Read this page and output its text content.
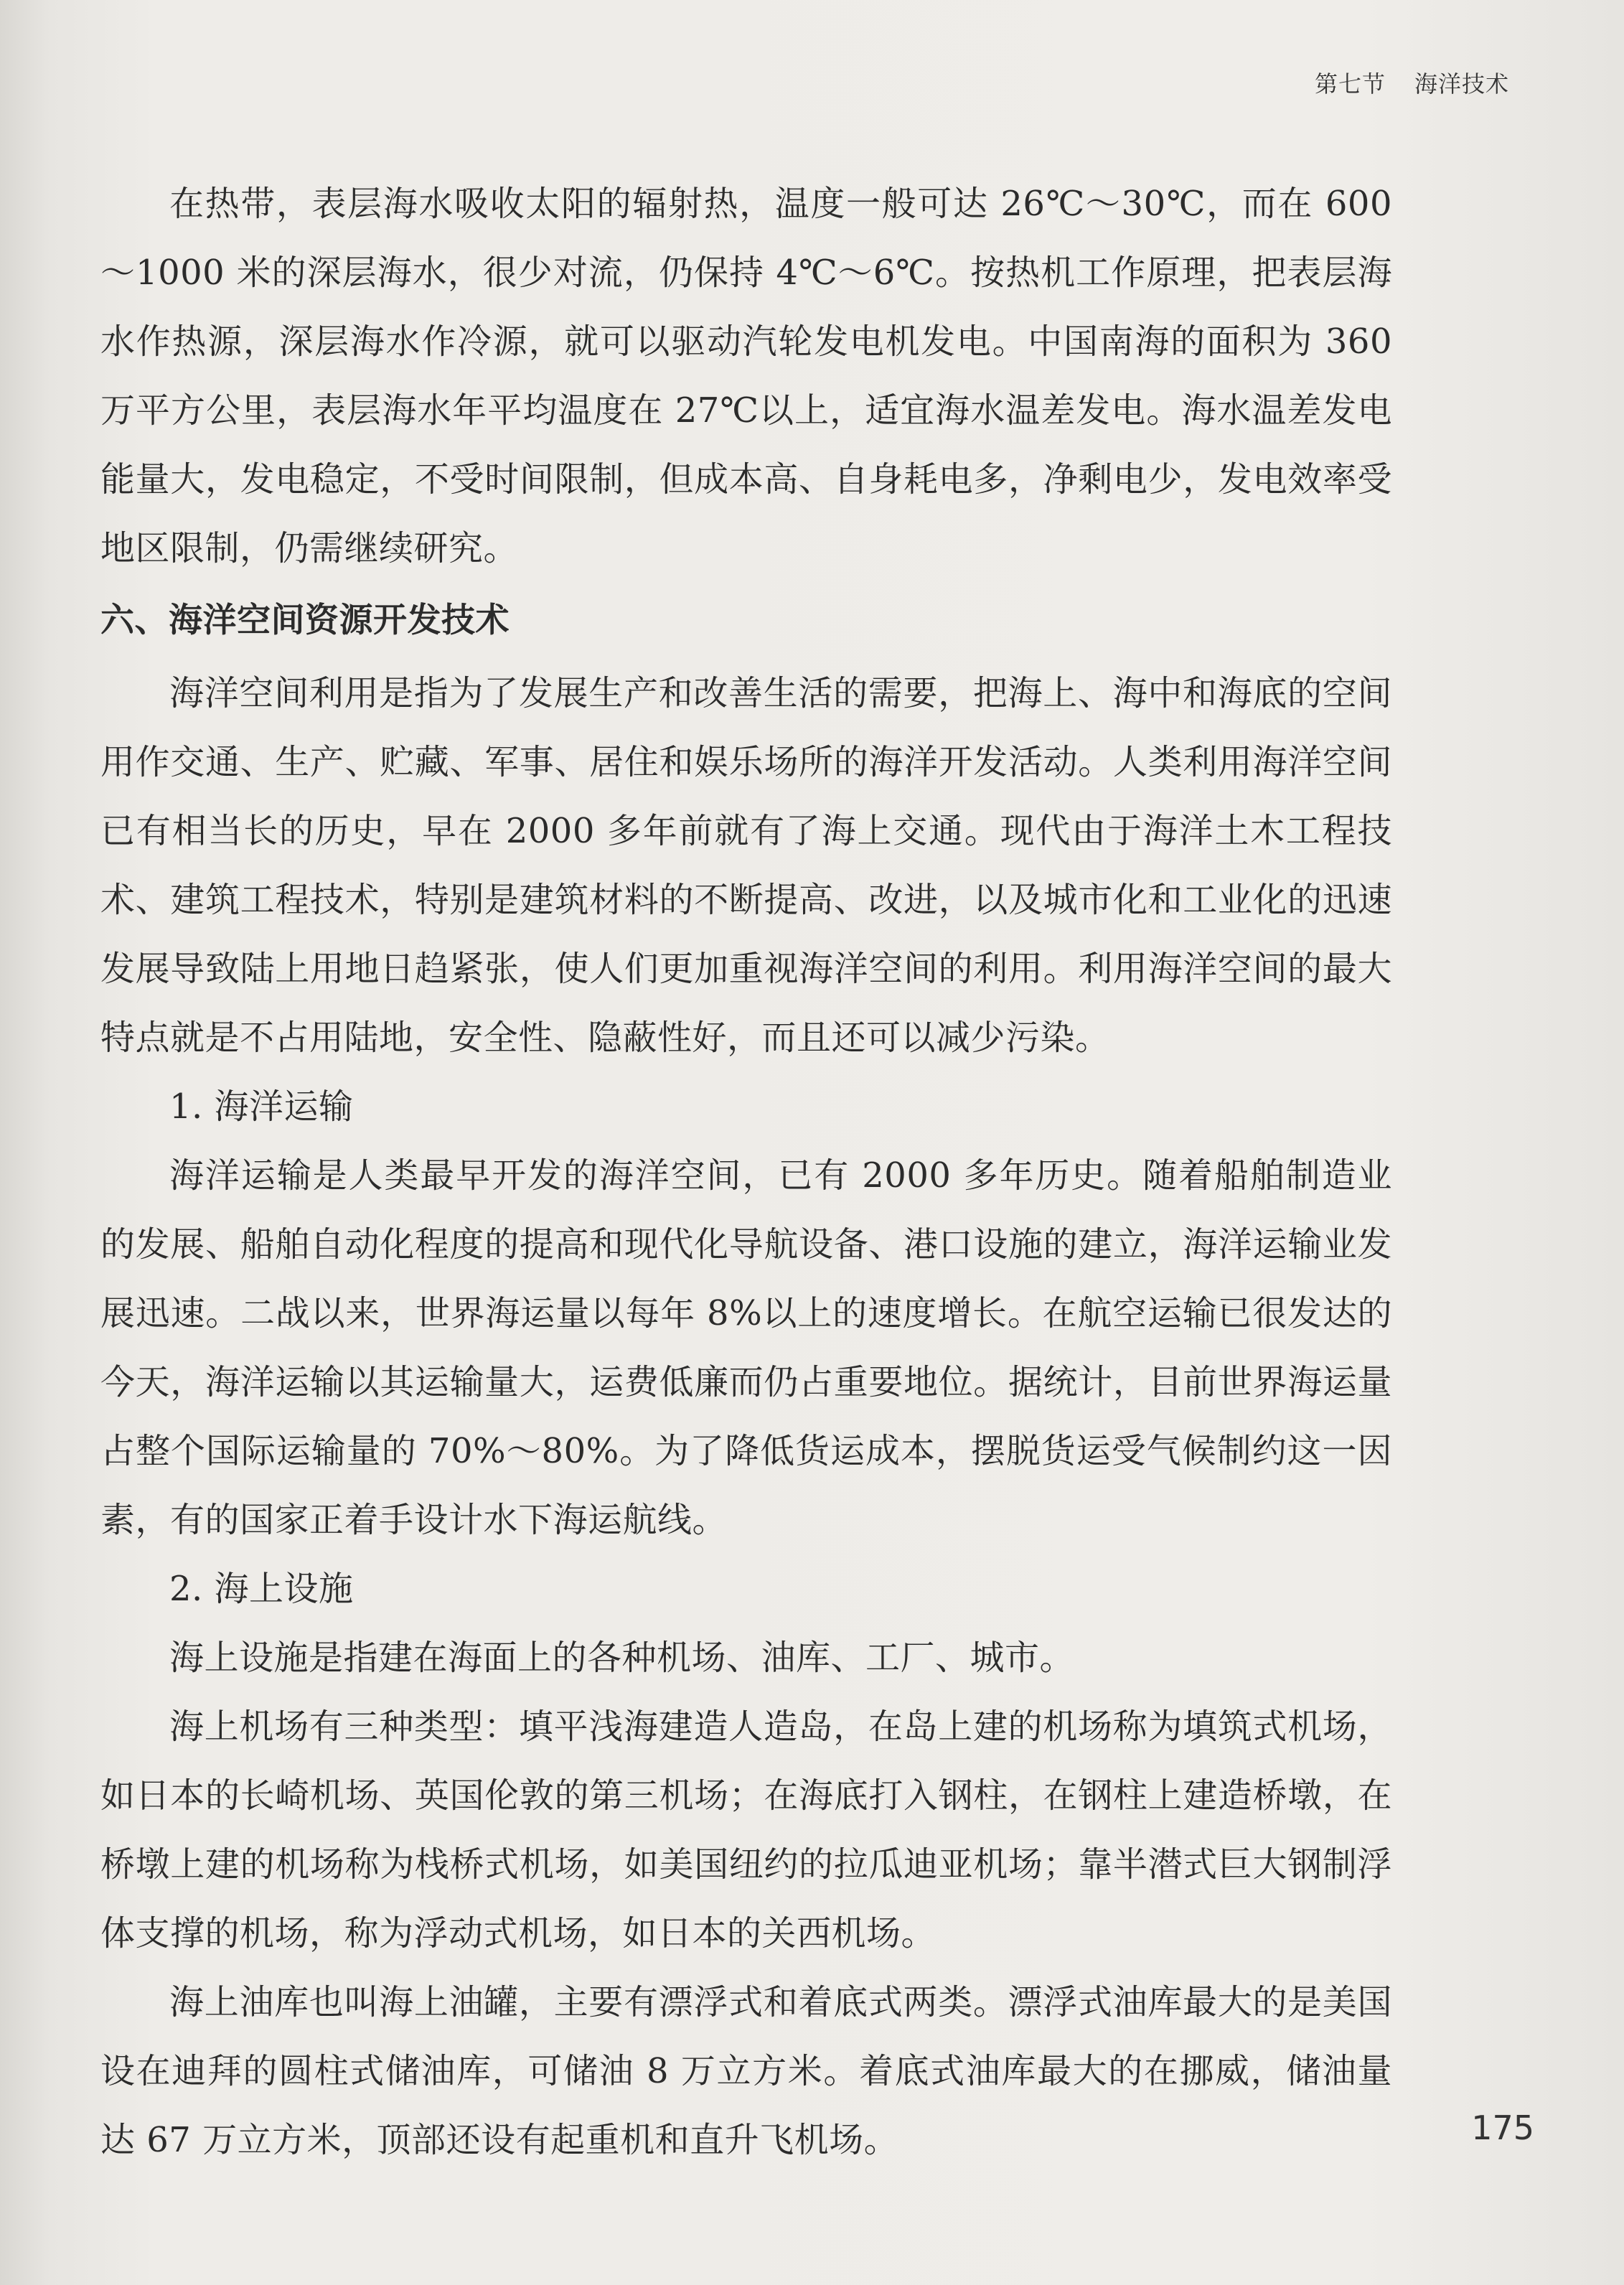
第七节 海洋技术

在热带，表层海水吸收太阳的辐射热，温度一般可达 26℃～30℃，而在 600～1000 米的深层海水，很少对流，仍保持 4℃～6℃。按热机工作原理，把表层海水作热源，深层海水作冷源，就可以驱动汽轮发电机发电。中国南海的面积为 360 万平方公里，表层海水年平均温度在 27℃以上，适宜海水温差发电。海水温差发电能量大，发电稳定，不受时间限制，但成本高、自身耗电多，净剩电少，发电效率受地区限制，仍需继续研究。

六、海洋空间资源开发技术

海洋空间利用是指为了发展生产和改善生活的需要，把海上、海中和海底的空间用作交通、生产、贮藏、军事、居住和娱乐场所的海洋开发活动。人类利用海洋空间已有相当长的历史，早在 2000 多年前就有了海上交通。现代由于海洋土木工程技术、建筑工程技术，特别是建筑材料的不断提高、改进，以及城市化和工业化的迅速发展导致陆上用地日趋紧张，使人们更加重视海洋空间的利用。利用海洋空间的最大特点就是不占用陆地，安全性、隐蔽性好，而且还可以减少污染。

1. 海洋运输

海洋运输是人类最早开发的海洋空间，已有 2000 多年历史。随着船舶制造业的发展、船舶自动化程度的提高和现代化导航设备、港口设施的建立，海洋运输业发展迅速。二战以来，世界海运量以每年 8%以上的速度增长。在航空运输已很发达的今天，海洋运输以其运输量大，运费低廉而仍占重要地位。据统计，目前世界海运量占整个国际运输量的 70%～80%。为了降低货运成本，摆脱货运受气候制约这一因素，有的国家正着手设计水下海运航线。

2. 海上设施

海上设施是指建在海面上的各种机场、油库、工厂、城市。

海上机场有三种类型：填平浅海建造人造岛，在岛上建的机场称为填筑式机场，如日本的长崎机场、英国伦敦的第三机场；在海底打入钢柱，在钢柱上建造桥墩，在桥墩上建的机场称为栈桥式机场，如美国纽约的拉瓜迪亚机场；靠半潜式巨大钢制浮体支撑的机场，称为浮动式机场，如日本的关西机场。

海上油库也叫海上油罐，主要有漂浮式和着底式两类。漂浮式油库最大的是美国设在迪拜的圆柱式储油库，可储油 8 万立方米。着底式油库最大的在挪威，储油量达 67 万立方米，顶部还设有起重机和直升飞机场。	175
